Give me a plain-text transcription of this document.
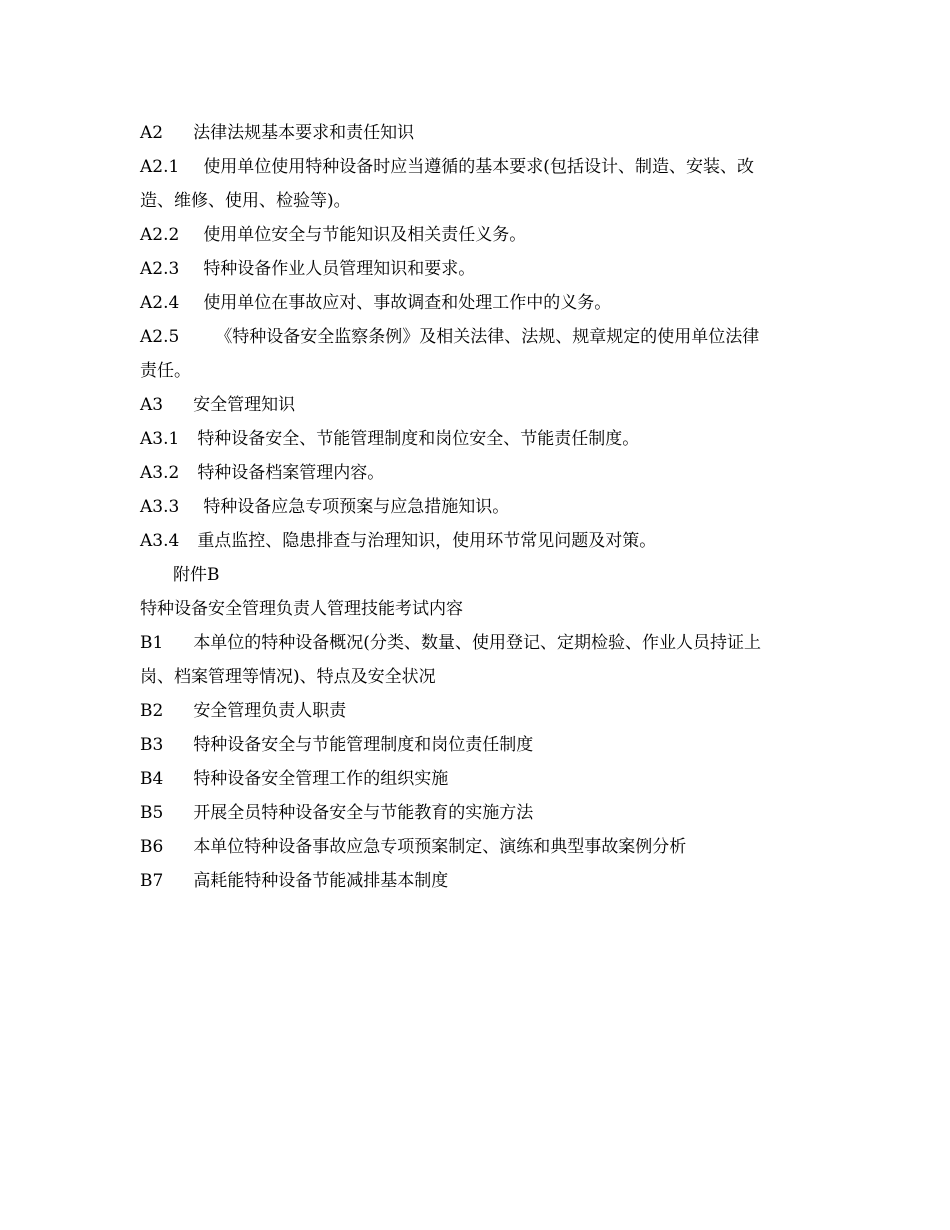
A2 法律法规基本要求和责任知识
A2.1 使用单位使用特种设备时应当遵循的基本要求(包括设计、制造、安装、改
造、维修、使用、检验等)。
A2.2 使用单位安全与节能知识及相关责任义务。
A2.3 特种设备作业人员管理知识和要求。
A2.4 使用单位在事故应对、事故调查和处理工作中的义务。
A2.5 《特种设备安全监察条例》及相关法律、法规、规章规定的使用单位法律
责任。
A3 安全管理知识
A3.1 特种设备安全、节能管理制度和岗位安全、节能责任制度。
A3.2 特种设备档案管理内容。
A3.3 特种设备应急专项预案与应急措施知识。
A3.4 重点监控、隐患排查与治理知识，使用环节常见问题及对策。
附件B
特种设备安全管理负责人管理技能考试内容
B1 本单位的特种设备概况(分类、数量、使用登记、定期检验、作业人员持证上
岗、档案管理等情况)、特点及安全状况
B2 安全管理负责人职责
B3 特种设备安全与节能管理制度和岗位责任制度
B4 特种设备安全管理工作的组织实施
B5 开展全员特种设备安全与节能教育的实施方法
B6 本单位特种设备事故应急专项预案制定、演练和典型事故案例分析
B7 高耗能特种设备节能减排基本制度
